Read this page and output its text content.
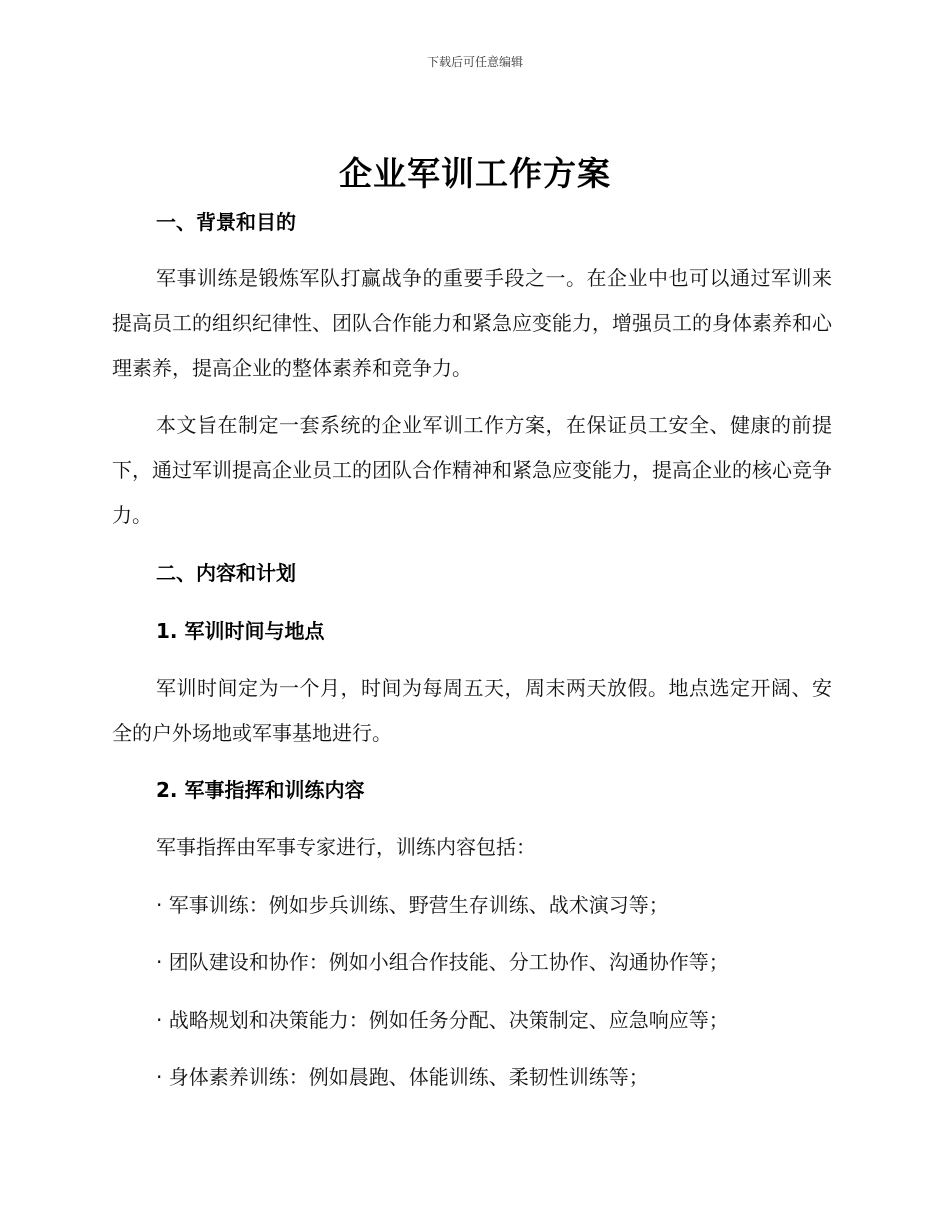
下载后可任意编辑
企业军训工作方案
一、背景和目的

军事训练是锻炼军队打赢战争的重要手段之一。在企业中也可以通过军训来提高员工的组织纪律性、团队合作能力和紧急应变能力，增强员工的身体素养和心理素养，提高企业的整体素养和竞争力。

本文旨在制定一套系统的企业军训工作方案，在保证员工安全、健康的前提下，通过军训提高企业员工的团队合作精神和紧急应变能力，提高企业的核心竞争力。

二、内容和计划
1. 军训时间与地点

军训时间定为一个月，时间为每周五天，周末两天放假。地点选定开阔、安全的户外场地或军事基地进行。

2. 军事指挥和训练内容
军事指挥由军事专家进行，训练内容包括：
· 军事训练：例如步兵训练、野营生存训练、战术演习等；
· 团队建设和协作：例如小组合作技能、分工协作、沟通协作等；
· 战略规划和决策能力：例如任务分配、决策制定、应急响应等；
· 身体素养训练：例如晨跑、体能训练、柔韧性训练等；
